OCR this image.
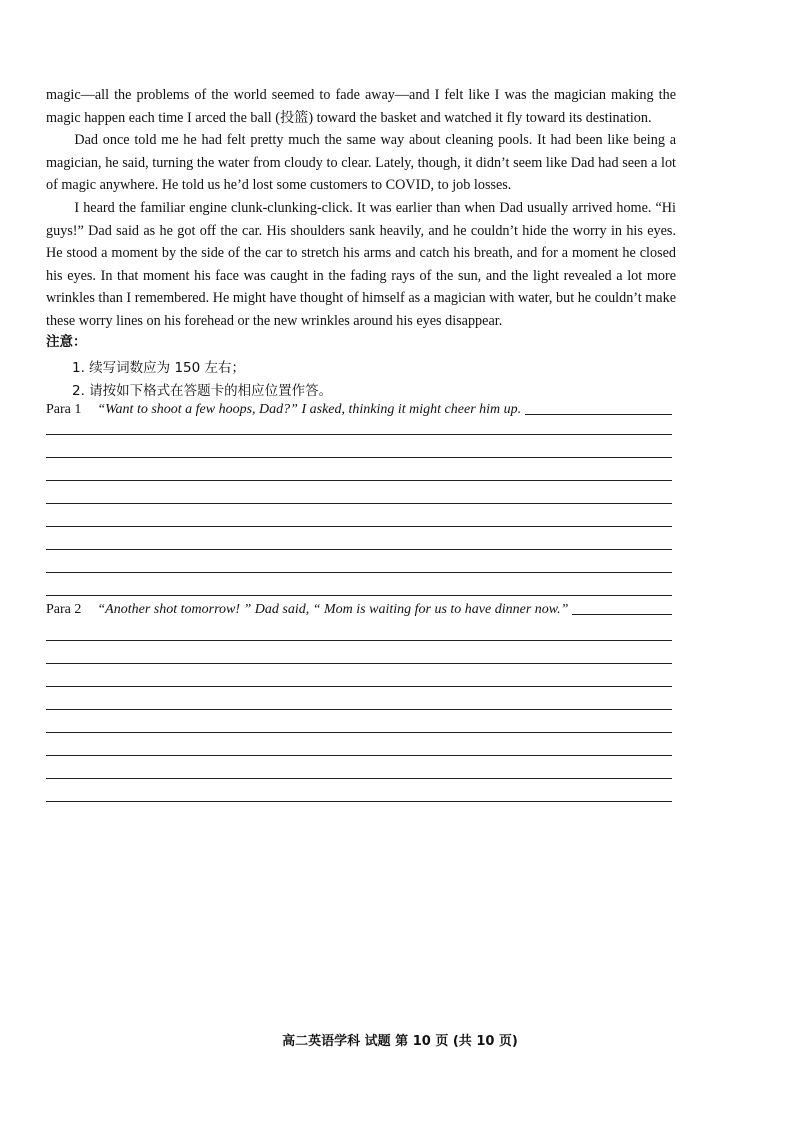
magic—all the problems of the world seemed to fade away—and I felt like I was the magician making the magic happen each time I arced the ball (投篮) toward the basket and watched it fly toward its destination.

Dad once told me he had felt pretty much the same way about cleaning pools. It had been like being a magician, he said, turning the water from cloudy to clear. Lately, though, it didn’t seem like Dad had seen a lot of magic anywhere. He told us he’d lost some customers to COVID, to job losses.

I heard the familiar engine clunk-clunking-click. It was earlier than when Dad usually arrived home. “Hi guys!” Dad said as he got off the car. His shoulders sank heavily, and he couldn’t hide the worry in his eyes. He stood a moment by the side of the car to stretch his arms and catch his breath, and for a moment he closed his eyes. In that moment his face was caught in the fading rays of the sun, and the light revealed a lot more wrinkles than I remembered. He might have thought of himself as a magician with water, but he couldn’t make these worry lines on his forehead or the new wrinkles around his eyes disappear.

注意：
1. 续写词数应为 150 左右；
2. 请按如下格式在答题卡的相应位置作答。
Para 1 “Want to shoot a few hoops, Dad?” I asked, thinking it might cheer him up.
Para 2 “Another shot tomorrow! ” Dad said, “ Mom is waiting for us to have dinner now.”
高二英语学科 试题 第 10 页 (共 10 页)
